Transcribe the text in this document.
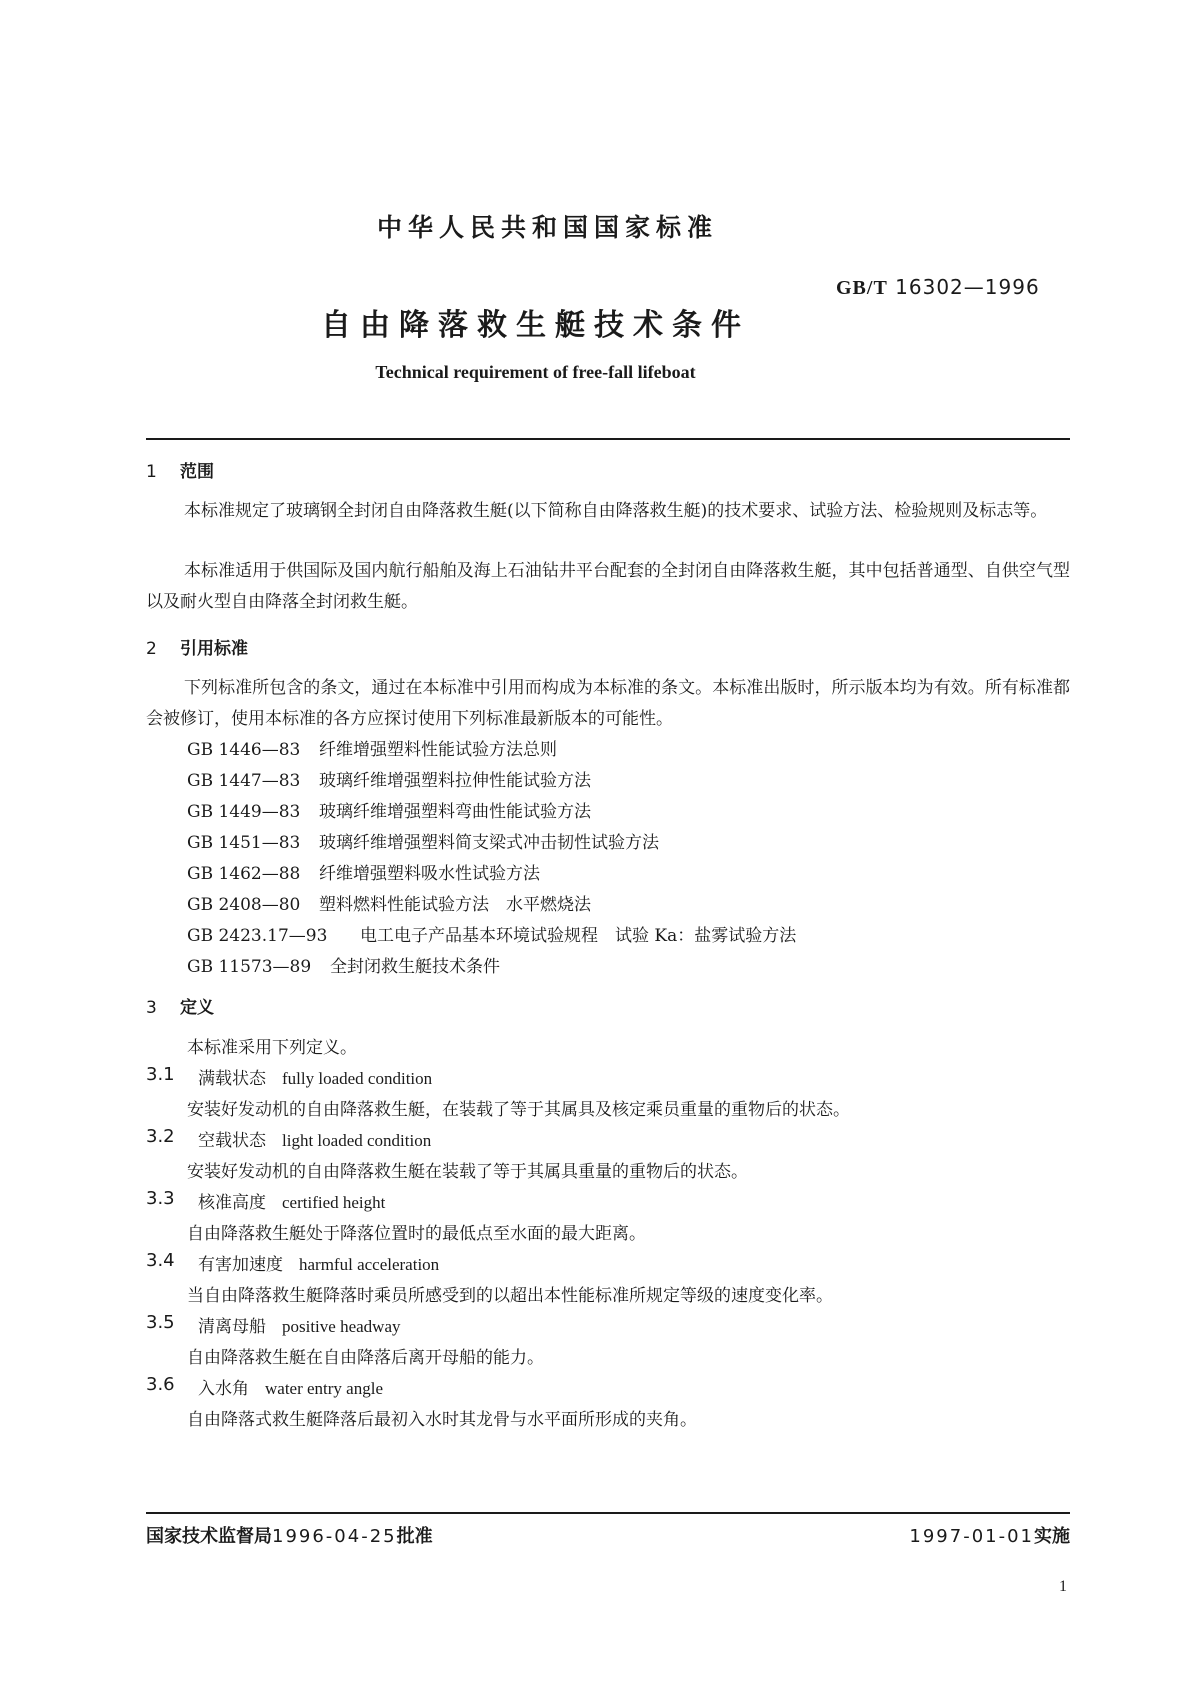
中华人民共和国国家标准
GB/T 16302—1996
自由降落救生艇技术条件
Technical requirement of free-fall lifeboat
1 范围
本标准规定了玻璃钢全封闭自由降落救生艇(以下简称自由降落救生艇)的技术要求、试验方法、检验规则及标志等。
本标准适用于供国际及国内航行船舶及海上石油钻井平台配套的全封闭自由降落救生艇，其中包括普通型、自供空气型以及耐火型自由降落全封闭救生艇。
2 引用标准
下列标准所包含的条文，通过在本标准中引用而构成为本标准的条文。本标准出版时，所示版本均为有效。所有标准都会被修订，使用本标准的各方应探讨使用下列标准最新版本的可能性。
GB 1446—83 纤维增强塑料性能试验方法总则
GB 1447—83 玻璃纤维增强塑料拉伸性能试验方法
GB 1449—83 玻璃纤维增强塑料弯曲性能试验方法
GB 1451—83 玻璃纤维增强塑料简支梁式冲击韧性试验方法
GB 1462—88 纤维增强塑料吸水性试验方法
GB 2408—80 塑料燃料性能试验方法　水平燃烧法
GB 2423.17—93 电工电子产品基本环境试验规程　试验 Ka：盐雾试验方法
GB 11573—89 全封闭救生艇技术条件
3 定义
本标准采用下列定义。
3.1 满载状态 fully loaded condition
安装好发动机的自由降落救生艇，在装载了等于其属具及核定乘员重量的重物后的状态。
3.2 空载状态 light loaded condition
安装好发动机的自由降落救生艇在装载了等于其属具重量的重物后的状态。
3.3 核准高度 certified height
自由降落救生艇处于降落位置时的最低点至水面的最大距离。
3.4 有害加速度 harmful acceleration
当自由降落救生艇降落时乘员所感受到的以超出本性能标准所规定等级的速度变化率。
3.5 清离母船 positive headway
自由降落救生艇在自由降落后离开母船的能力。
3.6 入水角 water entry angle
自由降落式救生艇降落后最初入水时其龙骨与水平面所形成的夹角。
国家技术监督局1996-04-25批准	1997-01-01实施
1
